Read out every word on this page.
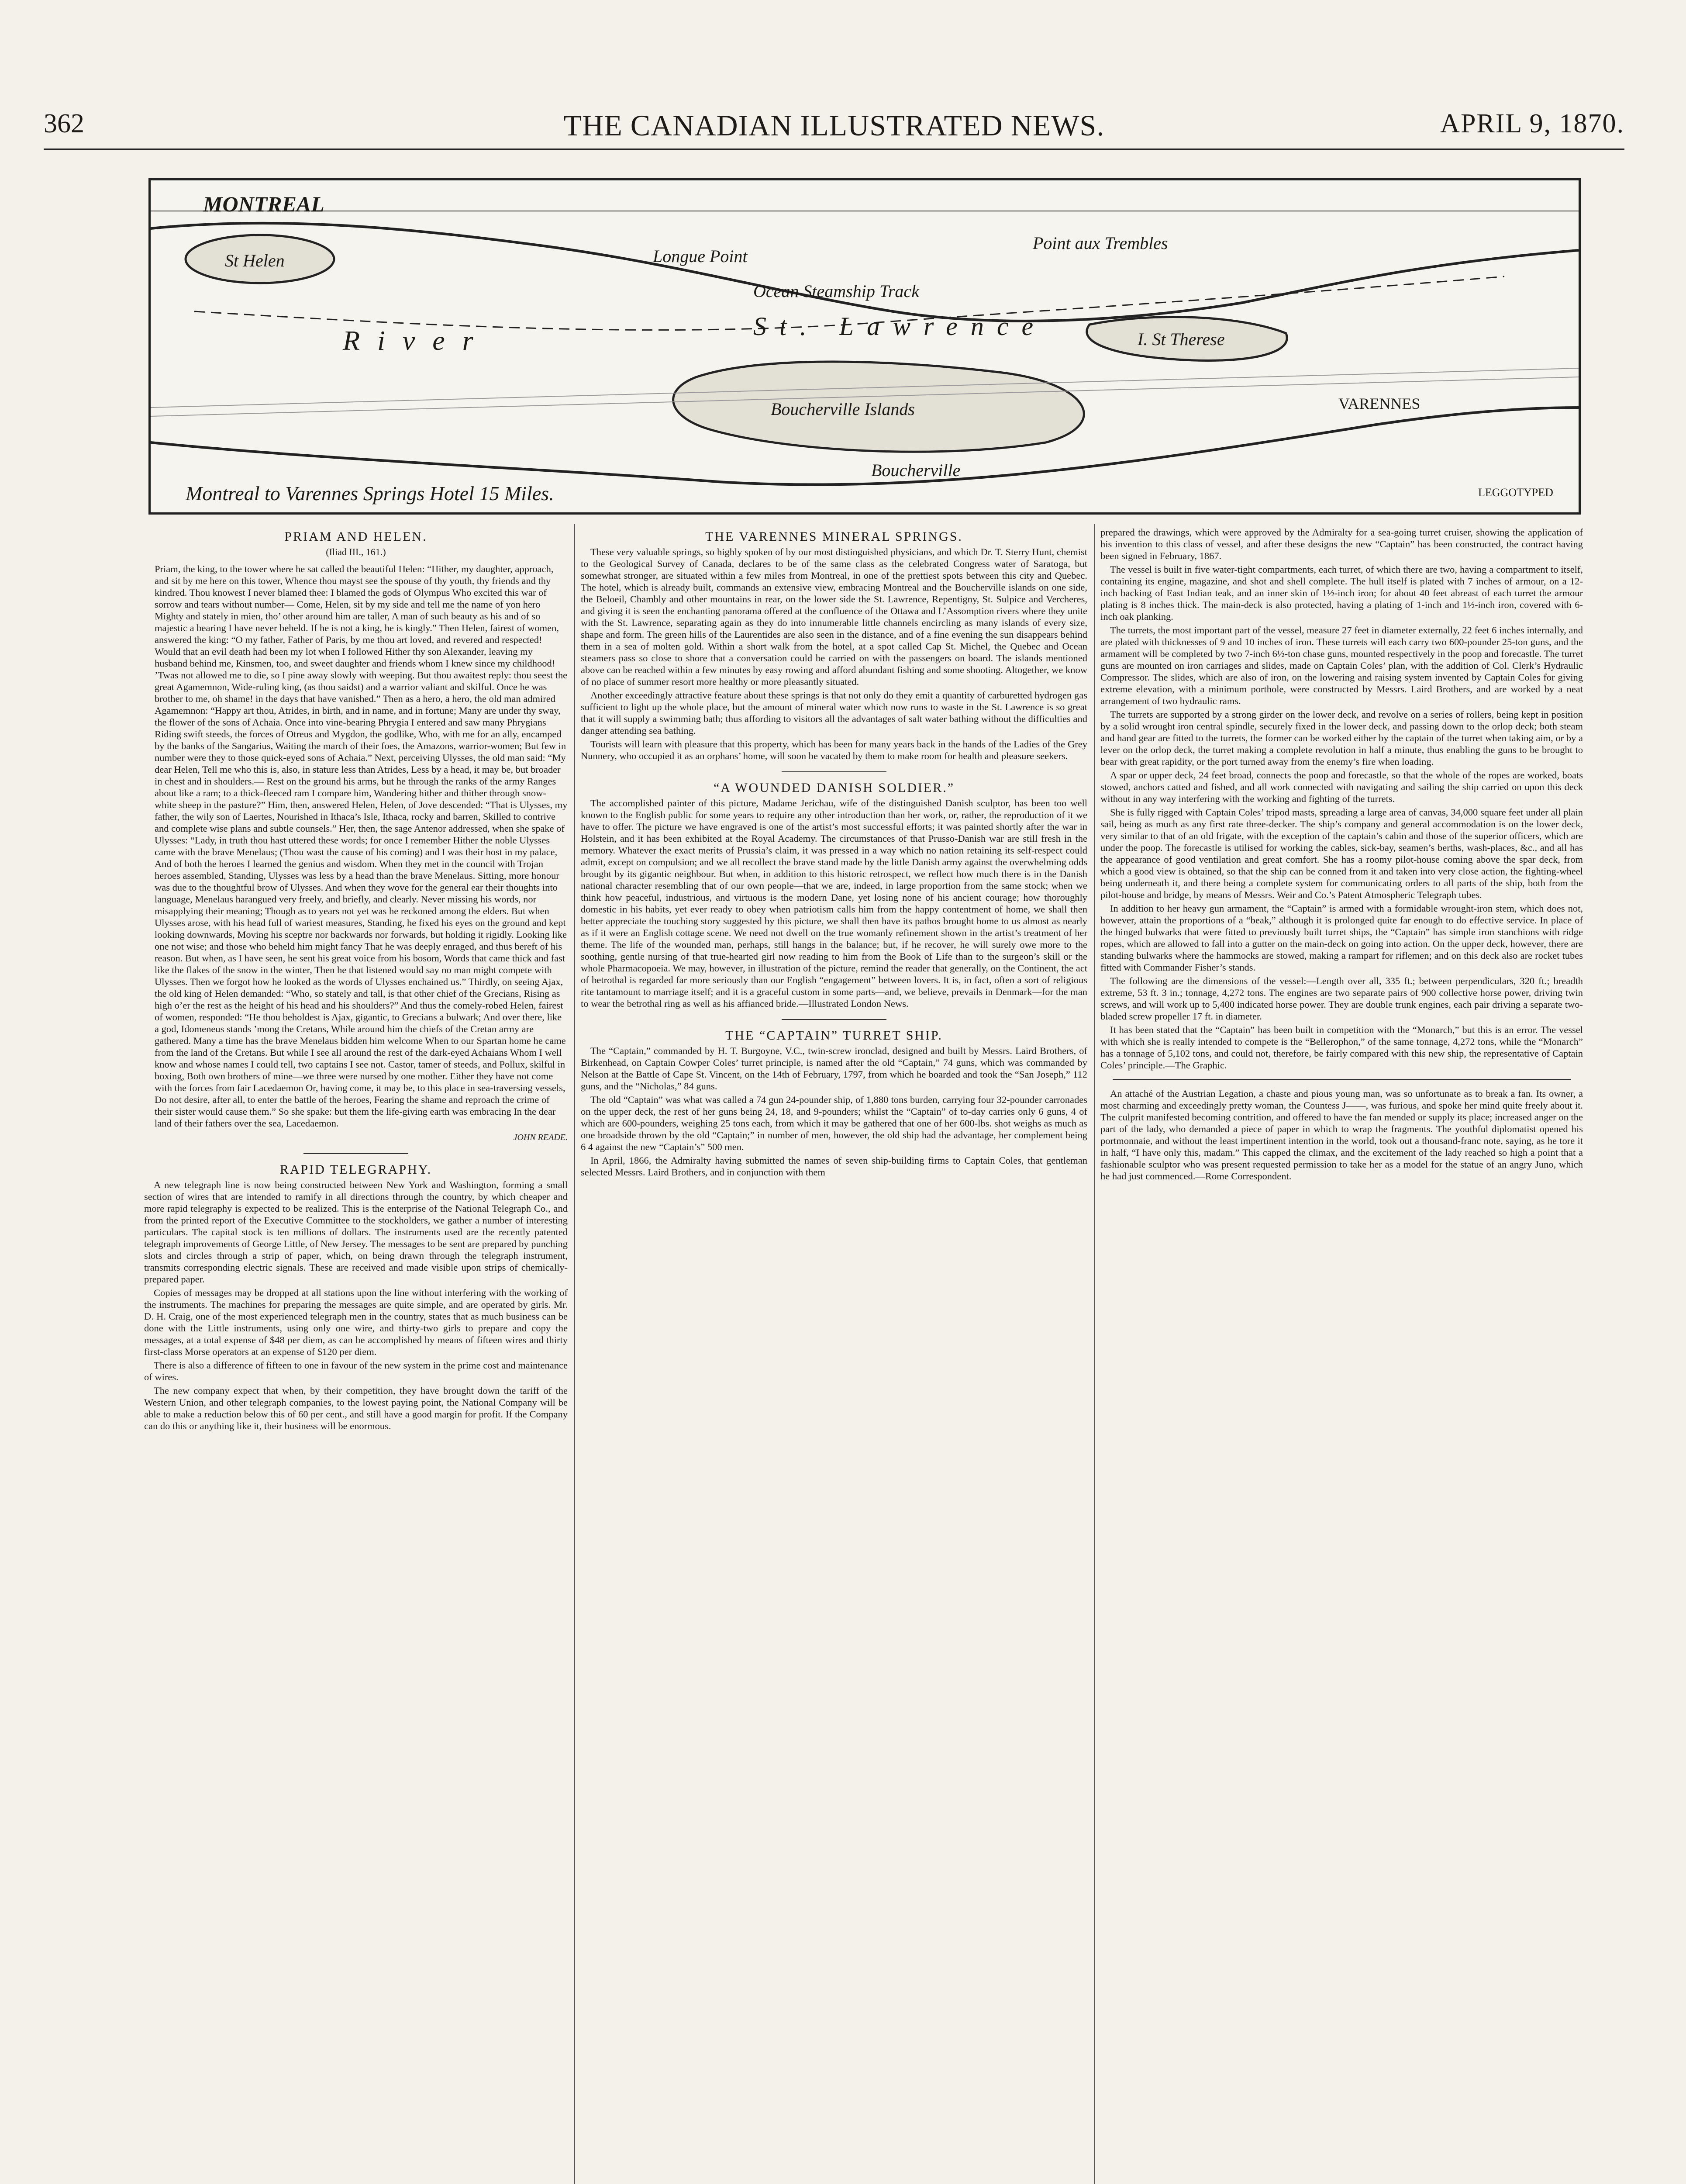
362	THE CANADIAN ILLUSTRATED NEWS.	APRIL 9, 1870.
MONTREAL
St Helen
River	St. Lawrence
Ocean Steamship Track
Boucherville Islands
Boucherville
I. St Therese
VARENNES
Point aux Trembles
Longue Point
Montreal to Varennes Springs Hotel 15 Miles.	LEGGOTYPED
PRIAM AND HELEN.
(Iliad III., 161.)

Priam, the king, to the tower where he sat called the beautiful Helen: “Hither, my daughter, approach, and sit by me here on this tower, Whence thou mayst see the spouse of thy youth, thy friends and thy kindred. Thou knowest I never blamed thee: I blamed the gods of Olympus Who excited this war of sorrow and tears without number— Come, Helen, sit by my side and tell me the name of yon hero Mighty and stately in mien, tho’ other around him are taller, A man of such beauty as his and of so majestic a bearing I have never beheld. If he is not a king, he is kingly.” Then Helen, fairest of women, answered the king: “O my father, Father of Paris, by me thou art loved, and revered and respected! Would that an evil death had been my lot when I followed Hither thy son Alexander, leaving my husband behind me, Kinsmen, too, and sweet daughter and friends whom I knew since my childhood! ’Twas not allowed me to die, so I pine away slowly with weeping. But thou awaitest reply: thou seest the great Agamemnon, Wide-ruling king, (as thou saidst) and a warrior valiant and skilful. Once he was brother to me, oh shame! in the days that have vanished.” Then as a hero, a hero, the old man admired Agamemnon: “Happy art thou, Atrides, in birth, and in name, and in fortune; Many are under thy sway, the flower of the sons of Achaia. Once into vine-bearing Phrygia I entered and saw many Phrygians Riding swift steeds, the forces of Otreus and Mygdon, the godlike, Who, with me for an ally, encamped by the banks of the Sangarius, Waiting the march of their foes, the Amazons, warrior-women; But few in number were they to those quick-eyed sons of Achaia.” Next, perceiving Ulysses, the old man said: “My dear Helen, Tell me who this is, also, in stature less than Atrides, Less by a head, it may be, but broader in chest and in shoulders.— Rest on the ground his arms, but he through the ranks of the army Ranges about like a ram; to a thick-fleeced ram I compare him, Wandering hither and thither through snow-white sheep in the pasture?” Him, then, answered Helen, Helen, of Jove descended: “That is Ulysses, my father, the wily son of Laertes, Nourished in Ithaca’s Isle, Ithaca, rocky and barren, Skilled to contrive and complete wise plans and subtle counsels.” Her, then, the sage Antenor addressed, when she spake of Ulysses: “Lady, in truth thou hast uttered these words; for once I remember Hither the noble Ulysses came with the brave Menelaus; (Thou wast the cause of his coming) and I was their host in my palace, And of both the heroes I learned the genius and wisdom. When they met in the council with Trojan heroes assembled, Standing, Ulysses was less by a head than the brave Menelaus. Sitting, more honour was due to the thoughtful brow of Ulysses. And when they wove for the general ear their thoughts into language, Menelaus harangued very freely, and briefly, and clearly. Never missing his words, nor misapplying their meaning; Though as to years not yet was he reckoned among the elders. But when Ulysses arose, with his head full of wariest measures, Standing, he fixed his eyes on the ground and kept looking downwards, Moving his sceptre nor backwards nor forwards, but holding it rigidly. Looking like one not wise; and those who beheld him might fancy That he was deeply enraged, and thus bereft of his reason. But when, as I have seen, he sent his great voice from his bosom, Words that came thick and fast like the flakes of the snow in the winter, Then he that listened would say no man might compete with Ulysses. Then we forgot how he looked as the words of Ulysses enchained us.” Thirdly, on seeing Ajax, the old king of Helen demanded: “Who, so stately and tall, is that other chief of the Grecians, Rising as high o’er the rest as the height of his head and his shoulders?” And thus the comely-robed Helen, fairest of women, responded: “He thou beholdest is Ajax, gigantic, to Grecians a bulwark; And over there, like a god, Idomeneus stands ’mong the Cretans, While around him the chiefs of the Cretan army are gathered. Many a time has the brave Menelaus bidden him welcome When to our Spartan home he came from the land of the Cretans. But while I see all around the rest of the dark-eyed Achaians Whom I well know and whose names I could tell, two captains I see not. Castor, tamer of steeds, and Pollux, skilful in boxing, Both own brothers of mine—we three were nursed by one mother. Either they have not come with the forces from fair Lacedaemon Or, having come, it may be, to this place in sea-traversing vessels, Do not desire, after all, to enter the battle of the heroes, Fearing the shame and reproach the crime of their sister would cause them.” So she spake: but them the life-giving earth was embracing In the dear land of their fathers over the sea, Lacedaemon.

JOHN READE.
RAPID TELEGRAPHY.

A new telegraph line is now being constructed between New York and Washington, forming a small section of wires that are intended to ramify in all directions through the country, by which cheaper and more rapid telegraphy is expected to be realized. This is the enterprise of the National Telegraph Co., and from the printed report of the Executive Committee to the stockholders, we gather a number of interesting particulars. The capital stock is ten millions of dollars. The instruments used are the recently patented telegraph improvements of George Little, of New Jersey. The messages to be sent are prepared by punching slots and circles through a strip of paper, which, on being drawn through the telegraph instrument, transmits corresponding electric signals. These are received and made visible upon strips of chemically-prepared paper.

Copies of messages may be dropped at all stations upon the line without interfering with the working of the instruments. The machines for preparing the messages are quite simple, and are operated by girls. Mr. D. H. Craig, one of the most experienced telegraph men in the country, states that as much business can be done with the Little instruments, using only one wire, and thirty-two girls to prepare and copy the messages, at a total expense of $48 per diem, as can be accomplished by means of fifteen wires and thirty first-class Morse operators at an expense of $120 per diem.

There is also a difference of fifteen to one in favour of the new system in the prime cost and maintenance of wires.

The new company expect that when, by their competition, they have brought down the tariff of the Western Union, and other telegraph companies, to the lowest paying point, the National Company will be able to make a reduction below this of 60 per cent., and still have a good margin for profit. If the Company can do this or anything like it, their business will be enormous.

THE VARENNES MINERAL SPRINGS.

These very valuable springs, so highly spoken of by our most distinguished physicians, and which Dr. T. Sterry Hunt, chemist to the Geological Survey of Canada, declares to be of the same class as the celebrated Congress water of Saratoga, but somewhat stronger, are situated within a few miles from Montreal, in one of the prettiest spots between this city and Quebec. The hotel, which is already built, commands an extensive view, embracing Montreal and the Boucherville islands on one side, the Beloeil, Chambly and other mountains in rear, on the lower side the St. Lawrence, Repentigny, St. Sulpice and Vercheres, and giving it is seen the enchanting panorama offered at the confluence of the Ottawa and L’Assomption rivers where they unite with the St. Lawrence, separating again as they do into innumerable little channels encircling as many islands of every size, shape and form. The green hills of the Laurentides are also seen in the distance, and of a fine evening the sun disappears behind them in a sea of molten gold. Within a short walk from the hotel, at a spot called Cap St. Michel, the Quebec and Ocean steamers pass so close to shore that a conversation could be carried on with the passengers on board. The islands mentioned above can be reached within a few minutes by easy rowing and afford abundant fishing and some shooting. Altogether, we know of no place of summer resort more healthy or more pleasantly situated.

Another exceedingly attractive feature about these springs is that not only do they emit a quantity of carburetted hydrogen gas sufficient to light up the whole place, but the amount of mineral water which now runs to waste in the St. Lawrence is so great that it will supply a swimming bath; thus affording to visitors all the advantages of salt water bathing without the difficulties and danger attending sea bathing.

Tourists will learn with pleasure that this property, which has been for many years back in the hands of the Ladies of the Grey Nunnery, who occupied it as an orphans’ home, will soon be vacated by them to make room for health and pleasure seekers.

“A WOUNDED DANISH SOLDIER.”

The accomplished painter of this picture, Madame Jerichau, wife of the distinguished Danish sculptor, has been too well known to the English public for some years to require any other introduction than her work, or, rather, the reproduction of it we have to offer. The picture we have engraved is one of the artist’s most successful efforts; it was painted shortly after the war in Holstein, and it has been exhibited at the Royal Academy. The circumstances of that Prusso-Danish war are still fresh in the memory. Whatever the exact merits of Prussia’s claim, it was pressed in a way which no nation retaining its self-respect could admit, except on compulsion; and we all recollect the brave stand made by the little Danish army against the overwhelming odds brought by its gigantic neighbour. But when, in addition to this historic retrospect, we reflect how much there is in the Danish national character resembling that of our own people—that we are, indeed, in large proportion from the same stock; when we think how peaceful, industrious, and virtuous is the modern Dane, yet losing none of his ancient courage; how thoroughly domestic in his habits, yet ever ready to obey when patriotism calls him from the happy contentment of home, we shall then better appreciate the touching story suggested by this picture, we shall then have its pathos brought home to us almost as nearly as if it were an English cottage scene. We need not dwell on the true womanly refinement shown in the artist’s treatment of her theme. The life of the wounded man, perhaps, still hangs in the balance; but, if he recover, he will surely owe more to the soothing, gentle nursing of that true-hearted girl now reading to him from the Book of Life than to the surgeon’s skill or the whole Pharmacopoeia. We may, however, in illustration of the picture, remind the reader that generally, on the Continent, the act of betrothal is regarded far more seriously than our English “engagement” between lovers. It is, in fact, often a sort of religious rite tantamount to marriage itself; and it is a graceful custom in some parts—and, we believe, prevails in Denmark—for the man to wear the betrothal ring as well as his affianced bride.—Illustrated London News.

THE “CAPTAIN” TURRET SHIP.

The “Captain,” commanded by H. T. Burgoyne, V.C., twin-screw ironclad, designed and built by Messrs. Laird Brothers, of Birkenhead, on Captain Cowper Coles’ turret principle, is named after the old “Captain,” 74 guns, which was commanded by Nelson at the Battle of Cape St. Vincent, on the 14th of February, 1797, from which he boarded and took the “San Joseph,” 112 guns, and the “Nicholas,” 84 guns.

The old “Captain” was what was called a 74 gun 24-pounder ship, of 1,880 tons burden, carrying four 32-pounder carronades on the upper deck, the rest of her guns being 24, 18, and 9-pounders; whilst the “Captain” of to-day carries only 6 guns, 4 of which are 600-pounders, weighing 25 tons each, from which it may be gathered that one of her 600-lbs. shot weighs as much as one broadside thrown by the old “Captain;” in number of men, however, the old ship had the advantage, her complement being 6 4 against the new “Captain’s” 500 men.

In April, 1866, the Admiralty having submitted the names of seven ship-building firms to Captain Coles, that gentleman selected Messrs. Laird Brothers, and in conjunction with them

prepared the drawings, which were approved by the Admiralty for a sea-going turret cruiser, showing the application of his invention to this class of vessel, and after these designs the new “Captain” has been constructed, the contract having been signed in February, 1867.

The vessel is built in five water-tight compartments, each turret, of which there are two, having a compartment to itself, containing its engine, magazine, and shot and shell complete. The hull itself is plated with 7 inches of armour, on a 12-inch backing of East Indian teak, and an inner skin of 1½-inch iron; for about 40 feet abreast of each turret the armour plating is 8 inches thick. The main-deck is also protected, having a plating of 1-inch and 1½-inch iron, covered with 6-inch oak planking.

The turrets, the most important part of the vessel, measure 27 feet in diameter externally, 22 feet 6 inches internally, and are plated with thicknesses of 9 and 10 inches of iron. These turrets will each carry two 600-pounder 25-ton guns, and the armament will be completed by two 7-inch 6½-ton chase guns, mounted respectively in the poop and forecastle. The turret guns are mounted on iron carriages and slides, made on Captain Coles’ plan, with the addition of Col. Clerk’s Hydraulic Compressor. The slides, which are also of iron, on the lowering and raising system invented by Captain Coles for giving extreme elevation, with a minimum porthole, were constructed by Messrs. Laird Brothers, and are worked by a neat arrangement of two hydraulic rams.

The turrets are supported by a strong girder on the lower deck, and revolve on a series of rollers, being kept in position by a solid wrought iron central spindle, securely fixed in the lower deck, and passing down to the orlop deck; both steam and hand gear are fitted to the turrets, the former can be worked either by the captain of the turret when taking aim, or by a lever on the orlop deck, the turret making a complete revolution in half a minute, thus enabling the guns to be brought to bear with great rapidity, or the port turned away from the enemy’s fire when loading.

A spar or upper deck, 24 feet broad, connects the poop and forecastle, so that the whole of the ropes are worked, boats stowed, anchors catted and fished, and all work connected with navigating and sailing the ship carried on upon this deck without in any way interfering with the working and fighting of the turrets.

She is fully rigged with Captain Coles’ tripod masts, spreading a large area of canvas, 34,000 square feet under all plain sail, being as much as any first rate three-decker. The ship’s company and general accommodation is on the lower deck, very similar to that of an old frigate, with the exception of the captain’s cabin and those of the superior officers, which are under the poop. The forecastle is utilised for working the cables, sick-bay, seamen’s berths, wash-places, &c., and all has the appearance of good ventilation and great comfort. She has a roomy pilot-house coming above the spar deck, from which a good view is obtained, so that the ship can be conned from it and taken into very close action, the fighting-wheel being underneath it, and there being a complete system for communicating orders to all parts of the ship, both from the pilot-house and bridge, by means of Messrs. Weir and Co.’s Patent Atmospheric Telegraph tubes.

In addition to her heavy gun armament, the “Captain” is armed with a formidable wrought-iron stem, which does not, however, attain the proportions of a “beak,” although it is prolonged quite far enough to do effective service. In place of the hinged bulwarks that were fitted to previously built turret ships, the “Captain” has simple iron stanchions with ridge ropes, which are allowed to fall into a gutter on the main-deck on going into action. On the upper deck, however, there are standing bulwarks where the hammocks are stowed, making a rampart for riflemen; and on this deck also are rocket tubes fitted with Commander Fisher’s stands.

The following are the dimensions of the vessel:—Length over all, 335 ft.; between perpendiculars, 320 ft.; breadth extreme, 53 ft. 3 in.; tonnage, 4,272 tons. The engines are two separate pairs of 900 collective horse power, driving twin screws, and will work up to 5,400 indicated horse power. They are double trunk engines, each pair driving a separate two-bladed screw propeller 17 ft. in diameter.

It has been stated that the “Captain” has been built in competition with the “Monarch,” but this is an error. The vessel with which she is really intended to compete is the “Bellerophon,” of the same tonnage, 4,272 tons, while the “Monarch” has a tonnage of 5,102 tons, and could not, therefore, be fairly compared with this new ship, the representative of Captain Coles’ principle.—The Graphic.

An attaché of the Austrian Legation, a chaste and pious young man, was so unfortunate as to break a fan. Its owner, a most charming and exceedingly pretty woman, the Countess J——, was furious, and spoke her mind quite freely about it. The culprit manifested becoming contrition, and offered to have the fan mended or supply its place; increased anger on the part of the lady, who demanded a piece of paper in which to wrap the fragments. The youthful diplomatist opened his portmonnaie, and without the least impertinent intention in the world, took out a thousand-franc note, saying, as he tore it in half, “I have only this, madam.” This capped the climax, and the excitement of the lady reached so high a point that a fashionable sculptor who was present requested permission to take her as a model for the statue of an angry Juno, which he had just commenced.—Rome Correspondent.
